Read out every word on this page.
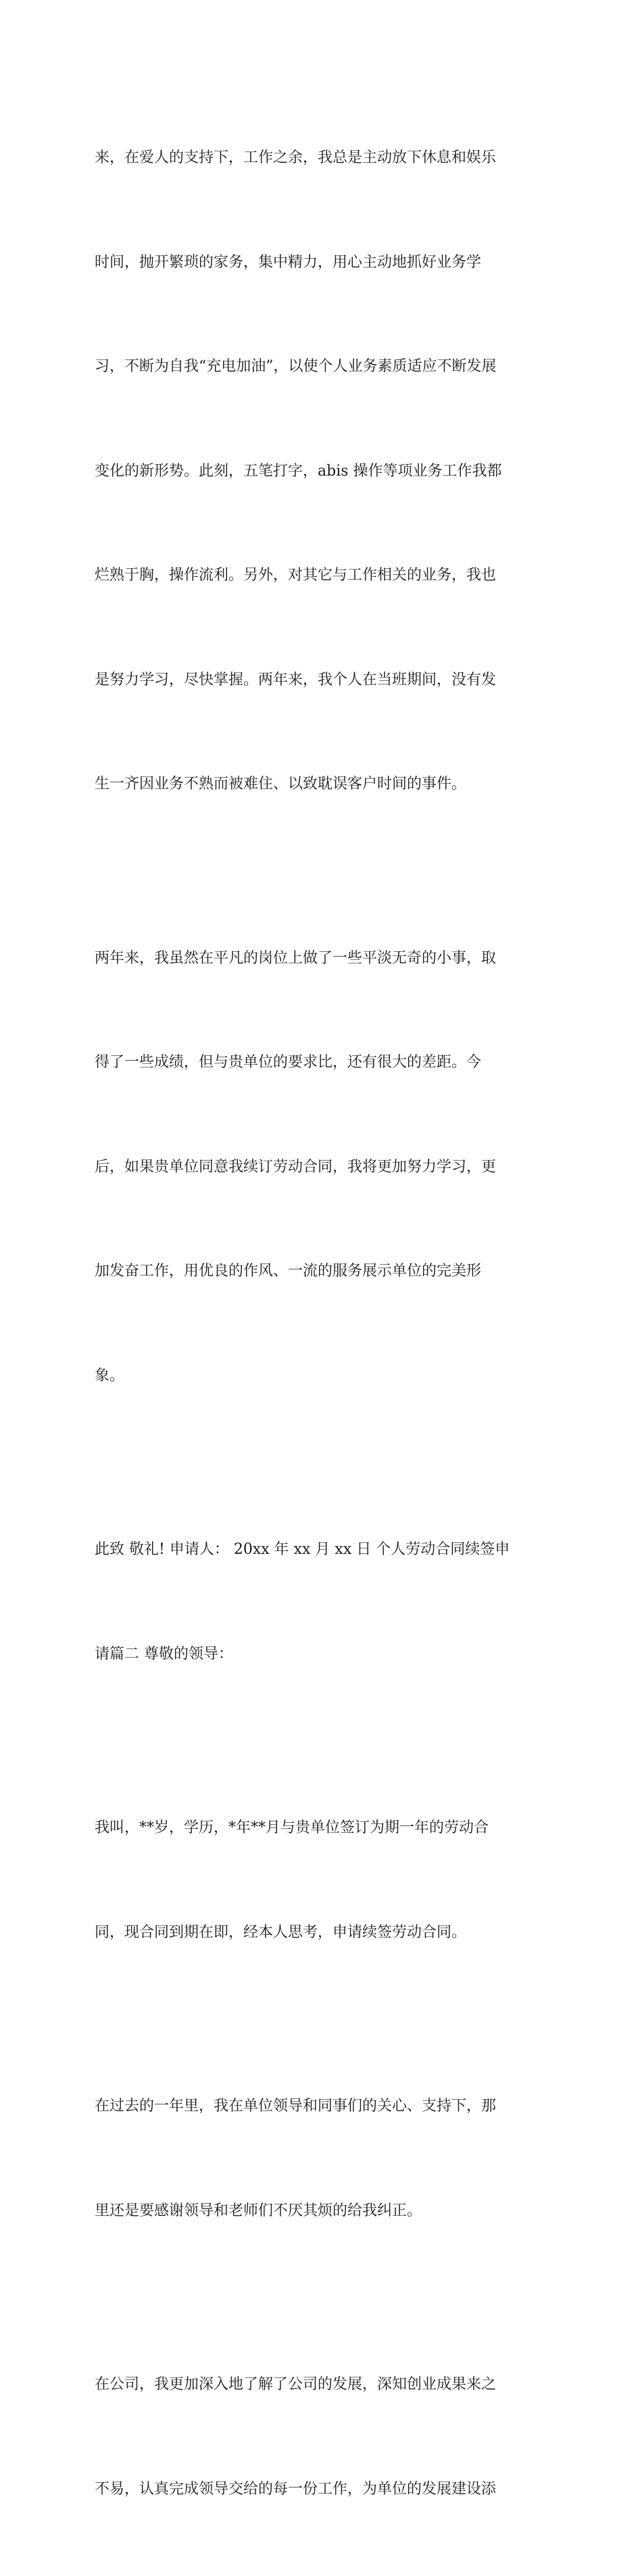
来，在爱人的支持下，工作之余，我总是主动放下休息和娱乐

时间，抛开繁琐的家务，集中精力，用心主动地抓好业务学

习，不断为自我“充电加油”，以使个人业务素质适应不断发展

变化的新形势。此刻，五笔打字，abis 操作等项业务工作我都

烂熟于胸，操作流利。另外，对其它与工作相关的业务，我也

是努力学习，尽快掌握。两年来，我个人在当班期间，没有发

生一齐因业务不熟而被难住、以致耽误客户时间的事件。

两年来，我虽然在平凡的岗位上做了一些平淡无奇的小事，取

得了一些成绩，但与贵单位的要求比，还有很大的差距。今

后，如果贵单位同意我续订劳动合同，我将更加努力学习，更

加发奋工作，用优良的作风、一流的服务展示单位的完美形

象。

此致 敬礼! 申请人： 20xx 年 xx 月 xx 日 个人劳动合同续签申

请篇二 尊敬的领导：

我叫，**岁，学历，*年**月与贵单位签订为期一年的劳动合

同，现合同到期在即，经本人思考，申请续签劳动合同。

在过去的一年里，我在单位领导和同事们的关心、支持下，那

里还是要感谢领导和老师们不厌其烦的给我纠正。

在公司，我更加深入地了解了公司的发展，深知创业成果来之

不易，认真完成领导交给的每一份工作，为单位的发展建设添
